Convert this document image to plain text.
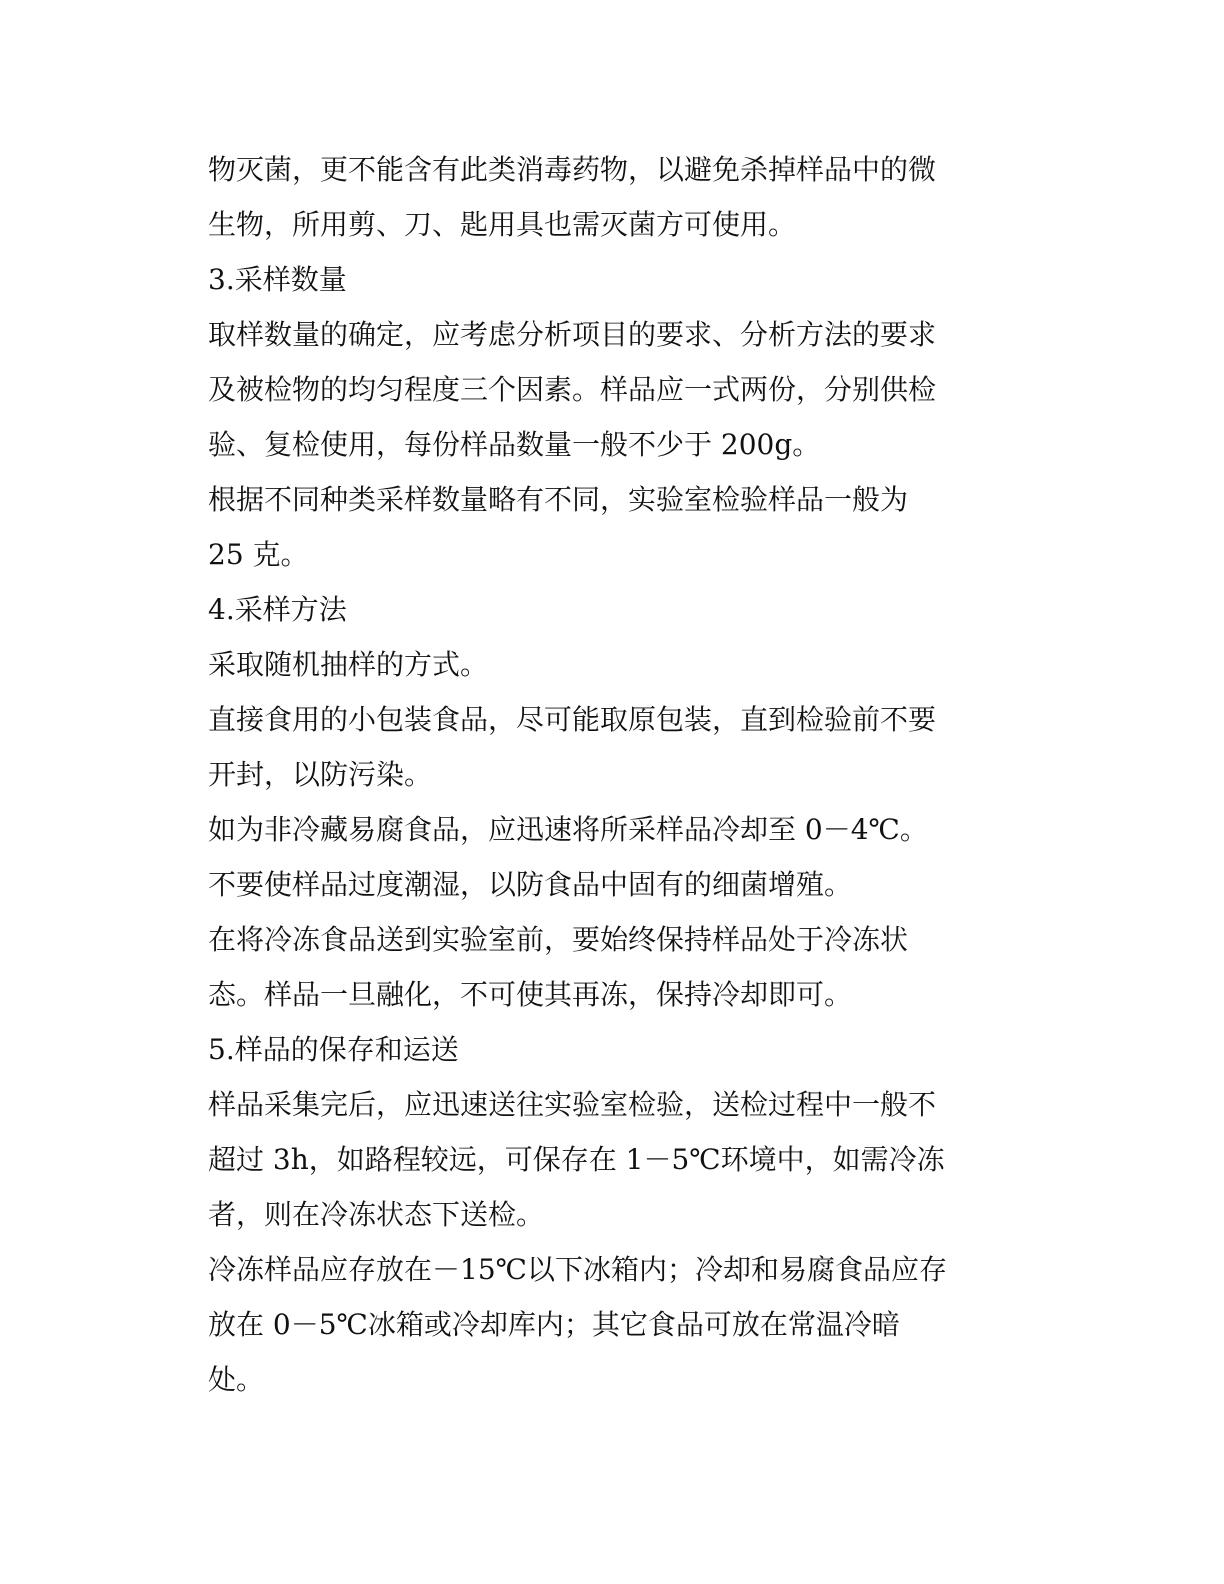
物灭菌，更不能含有此类消毒药物，以避免杀掉样品中的微
生物，所用剪、刀、匙用具也需灭菌方可使用。
3.采样数量
取样数量的确定，应考虑分析项目的要求、分析方法的要求
及被检物的均匀程度三个因素。样品应一式两份，分别供检
验、复检使用，每份样品数量一般不少于 200g。
根据不同种类采样数量略有不同，实验室检验样品一般为
25 克。
4.采样方法
采取随机抽样的方式。
直接食用的小包装食品，尽可能取原包装，直到检验前不要
开封，以防污染。
如为非冷藏易腐食品，应迅速将所采样品冷却至 0－4℃。
不要使样品过度潮湿，以防食品中固有的细菌增殖。
在将冷冻食品送到实验室前，要始终保持样品处于冷冻状
态。样品一旦融化，不可使其再冻，保持冷却即可。
5.样品的保存和运送
样品采集完后，应迅速送往实验室检验，送检过程中一般不
超过 3h，如路程较远，可保存在 1－5℃环境中，如需冷冻
者，则在冷冻状态下送检。
冷冻样品应存放在－15℃以下冰箱内；冷却和易腐食品应存
放在 0－5℃冰箱或冷却库内；其它食品可放在常温冷暗
处。
